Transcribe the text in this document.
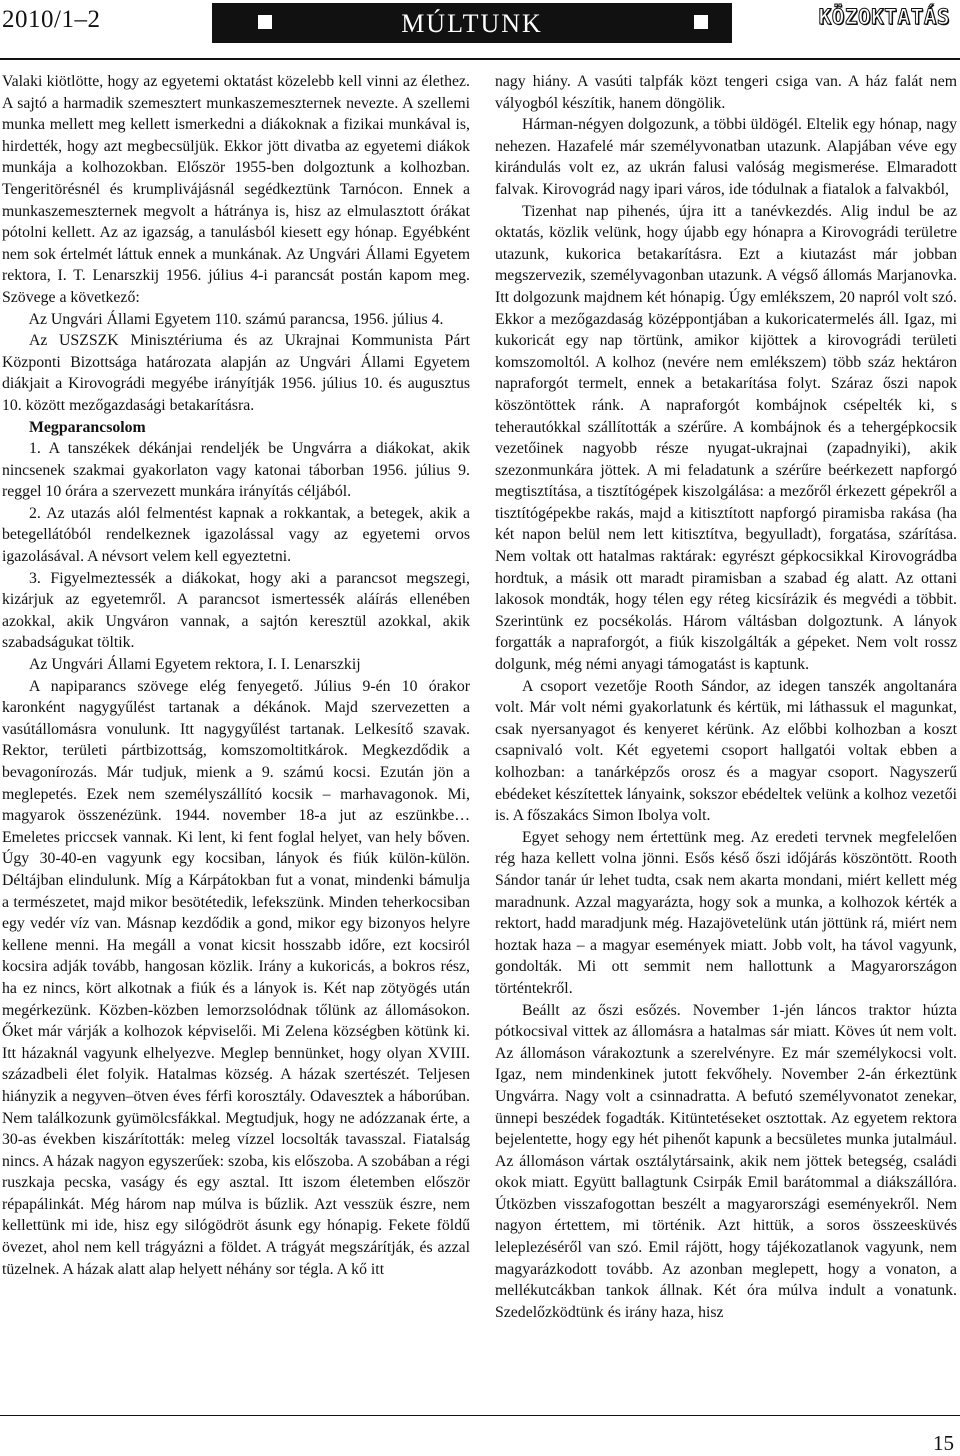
2010/1–2	MÚLTUNK	KÖZOKTATÁS

Valaki kiötlötte, hogy az egyetemi oktatást közelebb kell vinni az élethez. A sajtó a harmadik szemesztert munkaszemeszternek nevezte. A szellemi munka mellett meg kellett ismerkedni a diákoknak a fizikai munkával is, hirdették, hogy azt megbecsüljük. Ekkor jött divatba az egyetemi diákok munkája a kolhozokban. Először 1955-ben dolgoztunk a kolhozban. Tengeritörésnél és krumplivájásnál segédkeztünk Tarnócon. Ennek a munkaszemeszternek megvolt a hátránya is, hisz az elmulasztott órákat pótolni kellett. Az az igazság, a tanulásból kiesett egy hónap. Egyébként nem sok értelmét láttuk ennek a munkának. Az Ungvári Állami Egyetem rektora, I. T. Lenarszkij 1956. július 4-i parancsát postán kapom meg. Szövege a következő:

Az Ungvári Állami Egyetem 110. számú parancsa, 1956. július 4.

Az USZSZK Minisztériuma és az Ukrajnai Kommunista Párt Központi Bizottsága határozata alapján az Ungvári Állami Egyetem diákjait a Kirovográdi megyébe irányítják 1956. július 10. és augusztus 10. között mezőgazdasági betakarításra.

Megparancsolom

1. A tanszékek dékánjai rendeljék be Ungvárra a diákokat, akik nincsenek szakmai gyakorlaton vagy katonai táborban 1956. július 9. reggel 10 órára a szervezett munkára irányítás céljából.

2. Az utazás alól felmentést kapnak a rokkantak, a betegek, akik a betegellátóból rendelkeznek igazolással vagy az egyetemi orvos igazolásával. A névsort velem kell egyeztetni.

3. Figyelmeztessék a diákokat, hogy aki a parancsot megszegi, kizárjuk az egyetemről. A parancsot ismertessék aláírás ellenében azokkal, akik Ungváron vannak, a sajtón keresztül azokkal, akik szabadságukat töltik.

Az Ungvári Állami Egyetem rektora, I. I. Lenarszkij

A napiparancs szövege elég fenyegető. Július 9-én 10 órakor karonként nagygyűlést tartanak a dékánok. Majd szervezetten a vasútállomásra vonulunk. Itt nagygyűlést tartanak. Lelkesítő szavak. Rektor, területi pártbizottság, komszomoltitkárok. Megkezdődik a bevagonírozás. Már tudjuk, mienk a 9. számú kocsi. Ezután jön a meglepetés. Ezek nem személyszállító kocsik – marhavagonok. Mi, magyarok összenézünk. 1944. november 18-a jut az eszünkbe… Emeletes priccsek vannak. Ki lent, ki fent foglal helyet, van hely bőven. Úgy 30-40-en vagyunk egy kocsiban, lányok és fiúk külön-külön. Déltájban elindulunk. Míg a Kárpátokban fut a vonat, mindenki bámulja a természetet, majd mikor besötétedik, lefekszünk. Minden teherkocsiban egy vedér víz van. Másnap kezdődik a gond, mikor egy bizonyos helyre kellene menni. Ha megáll a vonat kicsit hosszabb időre, ezt kocsiról kocsira adják tovább, hangosan közlik. Irány a kukoricás, a bokros rész, ha ez nincs, kört alkotnak a fiúk és a lányok is. Két nap zötyögés után megérkezünk. Közben-közben lemorzsolódnak tőlünk az állomásokon. Őket már várják a kolhozok képviselői. Mi Zelena községben kötünk ki. Itt házaknál vagyunk elhelyezve. Meglep bennünket, hogy olyan XVIII. századbeli élet folyik. Hatalmas község. A házak szertészét. Teljesen hiányzik a negyven–ötven éves férfi korosztály. Odavesztek a háborúban. Nem találkozunk gyümölcsfákkal. Megtudjuk, hogy ne adózzanak érte, a 30-as években kiszárították: meleg vízzel locsolták tavasszal. Fiatalság nincs. A házak nagyon egyszerűek: szoba, kis előszoba. A szobában a régi ruszkaja pecska, vaságy és egy asztal. Itt iszom életemben először répapálinkát. Még három nap múlva is bűzlik. Azt vesszük észre, nem kellettünk mi ide, hisz egy silógödröt ásunk egy hónapig. Fekete földű övezet, ahol nem kell trágyázni a földet. A trágyát megszárítják, és azzal tüzelnek. A házak alatt alap helyett néhány sor tégla. A kő itt

nagy hiány. A vasúti talpfák közt tengeri csiga van. A ház falát nem vályogból készítik, hanem döngölik.

Hárman-négyen dolgozunk, a többi üldögél. Eltelik egy hónap, nagy nehezen. Hazafelé már személyvonatban utazunk. Alapjában véve egy kirándulás volt ez, az ukrán falusi valóság megismerése. Elmaradott falvak. Kirovográd nagy ipari város, ide tódulnak a fiatalok a falvakból,

Tizenhat nap pihenés, újra itt a tanévkezdés. Alig indul be az oktatás, közlik velünk, hogy újabb egy hónapra a Kirovográdi területre utazunk, kukorica betakarításra. Ezt a kiutazást már jobban megszervezik, személyvagonban utazunk. A végső állomás Marjanovka. Itt dolgozunk majdnem két hónapig. Úgy emlékszem, 20 napról volt szó. Ekkor a mezőgazdaság középpontjában a kukoricatermelés áll. Igaz, mi kukoricát egy nap törtünk, amikor kijöttek a kirovográdi területi komszomoltól. A kolhoz (nevére nem emlékszem) több száz hektáron napraforgót termelt, ennek a betakarítása folyt. Száraz őszi napok köszöntöttek ránk. A napraforgót kombájnok csépelték ki, s teherautókkal szállították a szérűre. A kombájnok és a tehergépkocsik vezetőinek nagyobb része nyugat-ukrajnai (zapadnyiki), akik szezonmunkára jöttek. A mi feladatunk a szérűre beérkezett napforgó megtisztítása, a tisztítógépek kiszolgálása: a mezőről érkezett gépekről a tisztítógépekbe rakás, majd a kitisztított napforgó piramisba rakása (ha két napon belül nem lett kitisztítva, begyulladt), forgatása, szárítása. Nem voltak ott hatalmas raktárak: egyrészt gépkocsikkal Kirovográdba hordtuk, a másik ott maradt piramisban a szabad ég alatt. Az ottani lakosok mondták, hogy télen egy réteg kicsírázik és megvédi a többit. Szerintünk ez pocsékolás. Három váltásban dolgoztunk. A lányok forgatták a napraforgót, a fiúk kiszolgálták a gépeket. Nem volt rossz dolgunk, még némi anyagi támogatást is kaptunk.

A csoport vezetője Rooth Sándor, az idegen tanszék angoltanára volt. Már volt némi gyakorlatunk és kértük, mi láthassuk el magunkat, csak nyersanyagot és kenyeret kérünk. Az előbbi kolhozban a koszt csapnivaló volt. Két egyetemi csoport hallgatói voltak ebben a kolhozban: a tanárképzős orosz és a magyar csoport. Nagyszerű ebédeket készítettek lányaink, sokszor ebédeltek velünk a kolhoz vezetői is. A főszakács Simon Ibolya volt.

Egyet sehogy nem értettünk meg. Az eredeti tervnek megfelelően rég haza kellett volna jönni. Esős késő őszi időjárás köszöntött. Rooth Sándor tanár úr lehet tudta, csak nem akarta mondani, miért kellett még maradnunk. Azzal magyarázta, hogy sok a munka, a kolhozok kérték a rektort, hadd maradjunk még. Hazajövetelünk után jöttünk rá, miért nem hoztak haza – a magyar események miatt. Jobb volt, ha távol vagyunk, gondolták. Mi ott semmit nem hallottunk a Magyarországon történtekről.

Beállt az őszi esőzés. November 1-jén láncos traktor húzta pótkocsival vittek az állomásra a hatalmas sár miatt. Köves út nem volt. Az állomáson várakoztunk a szerelvényre. Ez már személykocsi volt. Igaz, nem mindenkinek jutott fekvőhely. November 2-án érkeztünk Ungvárra. Nagy volt a csinnadratta. A befutó személyvonatot zenekar, ünnepi beszédek fogadták. Kitüntetéseket osztottak. Az egyetem rektora bejelentette, hogy egy hét pihenőt kapunk a becsületes munka jutalmául. Az állomáson vártak osztálytársaink, akik nem jöttek betegség, családi okok miatt. Együtt ballagtunk Csirpák Emil barátommal a diákszállóra. Útközben visszafogottan beszélt a magyarországi eseményekről. Nem nagyon értettem, mi történik. Azt hittük, a soros összeesküvés leleplezéséről van szó. Emil rájött, hogy tájékozatlanok vagyunk, nem magyarázkodott tovább. Az azonban meglepett, hogy a vonaton, a mellékutcákban tankok állnak. Két óra múlva indult a vonatunk. Szedelőzködtünk és irány haza, hisz

15
